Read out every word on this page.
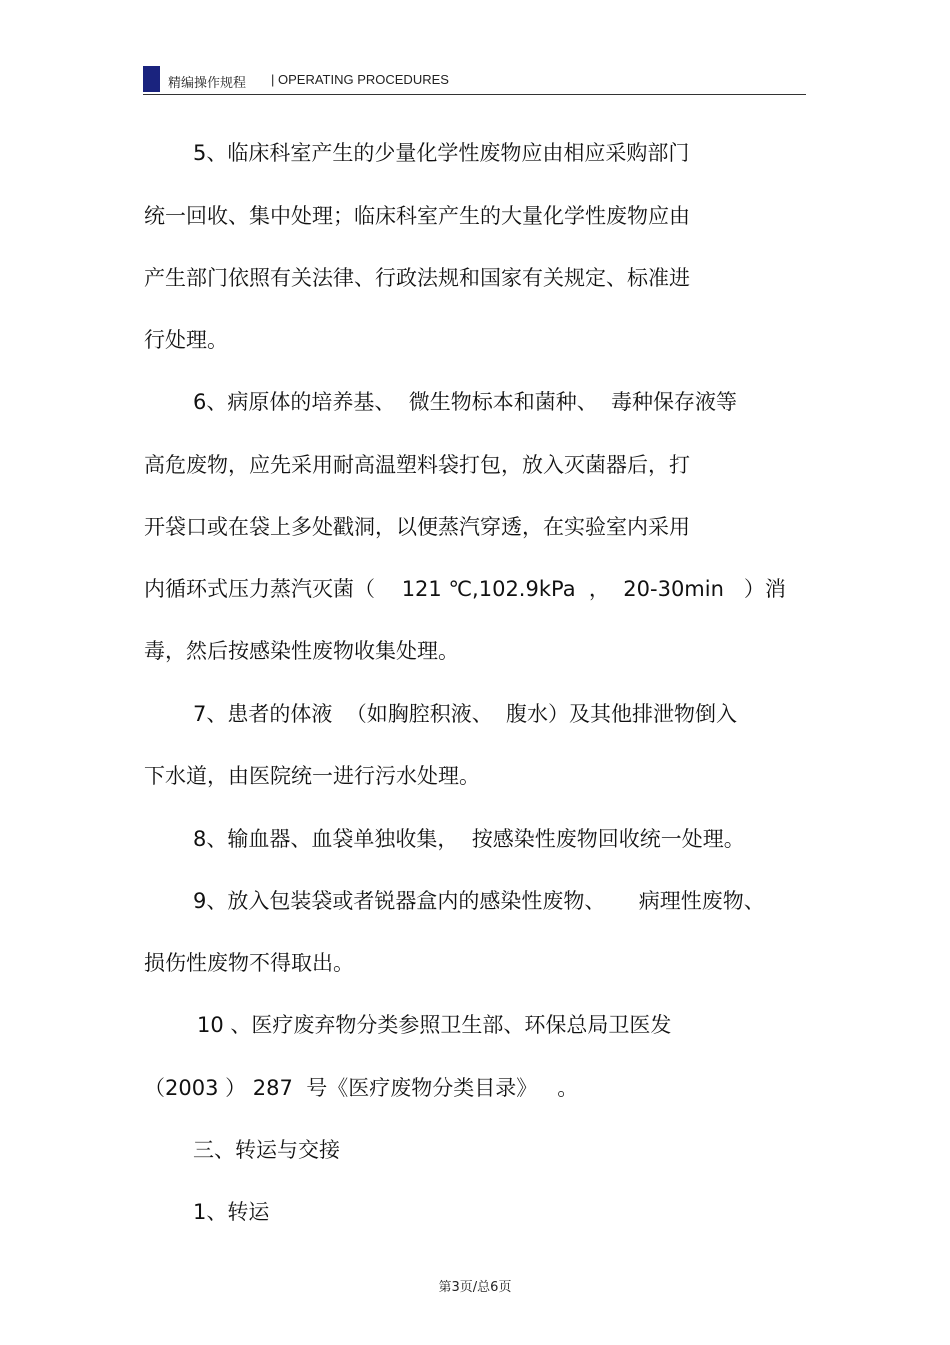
精编操作规程 | OPERATING PROCEDURES
5、临床科室产生的少量化学性废物应由相应采购部门
统一回收、集中处理；临床科室产生的大量化学性废物应由
产生部门依照有关法律、行政法规和国家有关规定、标准进
行处理。
6、病原体的培养基、  微生物标本和菌种、  毒种保存液等
高危废物，应先采用耐高温塑料袋打包，放入灭菌器后，打
开袋口或在袋上多处戳洞，以便蒸汽穿透，在实验室内采用
内循环式压力蒸汽灭菌（    121 ℃,102.9kPa  ，  20-30min   ）消
毒，然后按感染性废物收集处理。
7、患者的体液  （如胸腔积液、  腹水）及其他排泄物倒入
下水道，由医院统一进行污水处理。
8、输血器、血袋单独收集，  按感染性废物回收统一处理。
9、放入包装袋或者锐器盒内的感染性废物、     病理性废物、
损伤性废物不得取出。
10 、医疗废弃物分类参照卫生部、环保总局卫医发
（2003 ） 287  号《医疗废物分类目录》   。
三、转运与交接
1、转运
第3页/总6页
